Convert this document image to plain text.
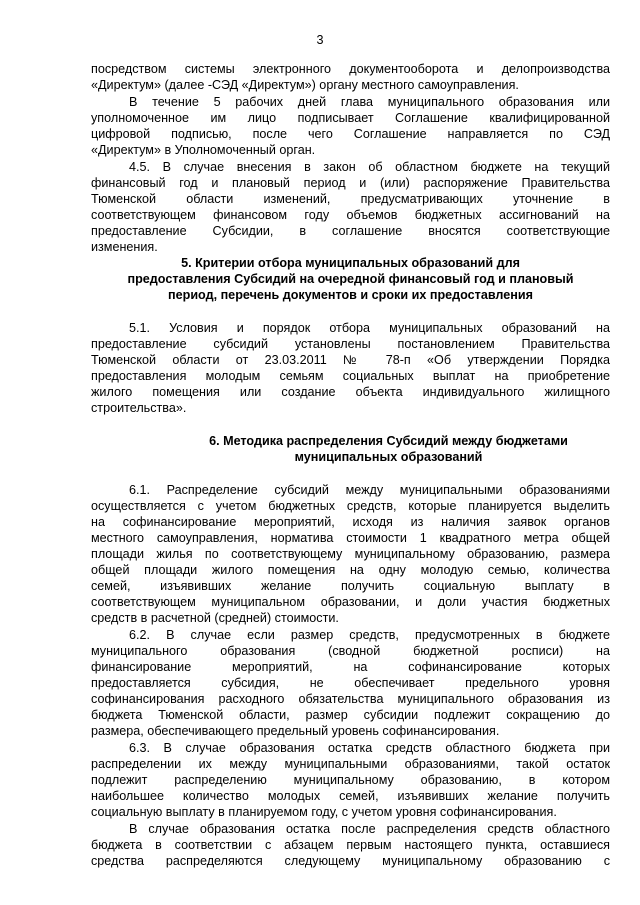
3
посредством системы электронного документооборота и делопроизводства
«Директум» (далее -СЭД «Директум») органу местного самоуправления.
В течение 5 рабочих дней глава муниципального образования или
уполномоченное им лицо подписывает Соглашение квалифицированной
цифровой подписью, после чего Соглашение направляется по СЭД
«Директум» в Уполномоченный орган.
4.5. В случае внесения в закон об областном бюджете на текущий
финансовый год и плановый период и (или) распоряжение Правительства
Тюменской области изменений, предусматривающих уточнение в
соответствующем финансовом году объемов бюджетных ассигнований на
предоставление Субсидии, в соглашение вносятся соответствующие
изменения.
5. Критерии отбора муниципальных образований для
предоставления Субсидий на очередной финансовый год и плановый
период, перечень документов и сроки их предоставления
5.1. Условия и порядок отбора муниципальных образований на
предоставление субсидий установлены постановлением Правительства
Тюменской области от 23.03.2011 № 78-п «Об утверждении Порядка
предоставления молодым семьям социальных выплат на приобретение
жилого помещения или создание объекта индивидуального жилищного
строительства».
6. Методика распределения Субсидий между бюджетами
муниципальных образований
6.1. Распределение субсидий между муниципальными образованиями
осуществляется с учетом бюджетных средств, которые планируется выделить
на софинансирование мероприятий, исходя из наличия заявок органов
местного самоуправления, норматива стоимости 1 квадратного метра общей
площади жилья по соответствующему муниципальному образованию, размера
общей площади жилого помещения на одну молодую семью, количества
семей, изъявивших желание получить социальную выплату в
соответствующем муниципальном образовании, и доли участия бюджетных
средств в расчетной (средней) стоимости.
6.2. В случае если размер средств, предусмотренных в бюджете
муниципального образования (сводной бюджетной росписи) на
финансирование мероприятий, на софинансирование которых
предоставляется субсидия, не обеспечивает предельного уровня
софинансирования расходного обязательства муниципального образования из
бюджета Тюменской области, размер субсидии подлежит сокращению до
размера, обеспечивающего предельный уровень софинансирования.
6.3. В случае образования остатка средств областного бюджета при
распределении их между муниципальными образованиями, такой остаток
подлежит распределению муниципальному образованию, в котором
наибольшее количество молодых семей, изъявивших желание получить
социальную выплату в планируемом году, с учетом уровня софинансирования.
В случае образования остатка после распределения средств областного
бюджета в соответствии с абзацем первым настоящего пункта, оставшиеся
средства распределяются следующему муниципальному образованию с
